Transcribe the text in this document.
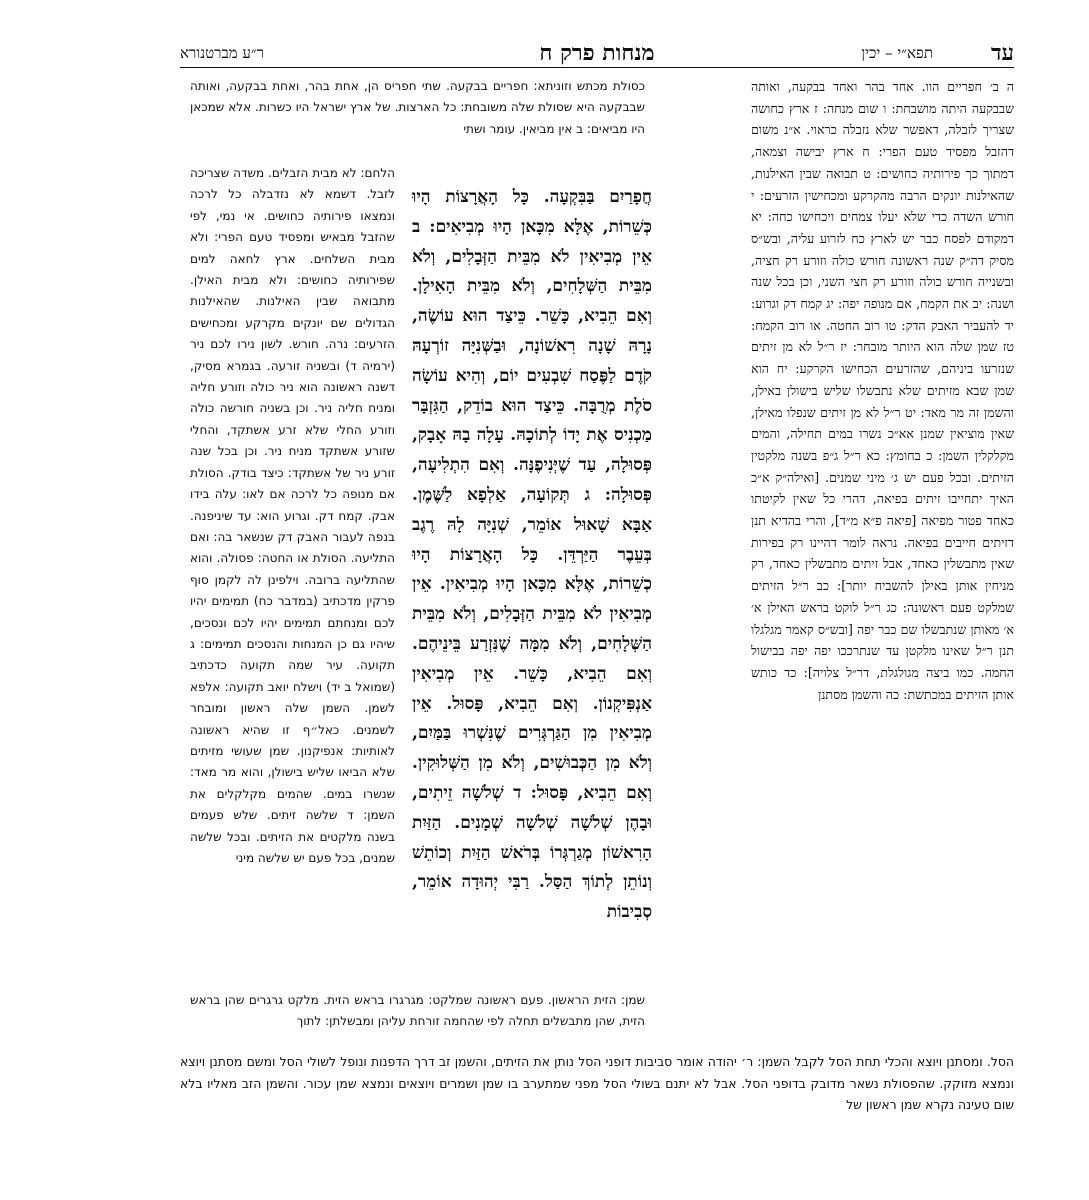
עד
תפא״י – יכין
מנחות פרק ח
ר״ע מברטנורא

ה ב׳ חפריים הוו. אחד בהר ואחד בבקעה, ואותה שבבקעה היתה מושבחת: ו שום מנחה: ז ארץ כחושה שצריך לזבלה, דאפשר שלא נזבלה כראוי. א״נ משום דהזבל מפסיד טעם הפרי: ח ארץ יבישה וצמאה, דמתוך כך פירותיה כחושים: ט תבואה שבין האילנות, שהאילנות יונקים הרבה מהקרקע ומכחישין הזרעים: י חורש השדה כדי שלא יעלו צמחים ויכחישו כחה: יא דמקודם לפסח כבר יש לארץ כח לזרוע עליה, ובש״ס מסיק דה״ק שנה ראשונה חורש כולה וזורע רק חציה, ובשנייה חורש כולה וזורע רק חצי השני, וכן בכל שנה ושנה: יב את הקמח, אם מנופה יפה: יג קמח דק וגרוע: יד להעביר האבק הדק: טו רוב החטה. או רוב הקמח: טז שמן שלה הוא היותר מובחר: יז ר״ל לא מן זיתים שנזרעו ביניהם, שהזרעים הכחישו הקרקע: יח הוא שמן שבא מזיתים שלא נתבשלו שליש בישולן באילן, והשמן זה מר מאד: יט ר״ל לא מן זיתים שנפלו מאילן, שאין מוציאין שמנן אא״כ נשרו במים תחילה, והמים מקלקלין השמן: כ בחומץ: כא ר״ל ג״פ בשנה מלקטין הזיתים. ובכל פעם יש ג׳ מיני שמנים. [ואילה״ק א״כ האיך יתחייבו זיתים בפיאה, דהרי כל שאין לקיטתו כאחד פטור מפיאה [פיאה פ״א מ״ד], והרי בהדיא תנן דזיתים חייבים בפיאה. נראה לומר דהיינו רק בפירות שאין מתבשלין כאחד, אבל זיתים מתבשלין כאחד, רק מניחין אותן באילן להשביח יותר]: כב ר״ל הזיתים שמלקט פעם ראשונה: כג ר״ל לוקט בראש האילן א׳ א׳ מאותן שנתבשלו שם כבר יפה [ובש״ס קאמר מגלגלו תנן ר״ל שאינו מלקטן עד שנתרככו יפה יפה בבישול החמה. כמו ביצה מגולגלת, דר״ל צלויה]: כד כותש אותן הזיתים במכתשת: כה והשמן מסתנן

כסולת מכתש וזוניתא: חפריים בבקעה. שתי חפריס הן, אחת בהר, ואחת בבקעה, ואותה שבבקעה היא שסולת שלה משובחת: כל הארצות. של ארץ ישראל היו כשרות. אלא שמכאן היו מביאים: ב אין מביאין. עומר ושתי

הלחם: לא מבית הזבלים. משדה שצריכה לזבל. דשמא לא נזדבלה כל לרכה ונמצאו פירותיה כחושים. אי נמי, לפי שהזבל מבאיש ומפסיד טעם הפרי: ולא מבית השלחים. ארץ לחאה למים שפירותיה כחושים: ולא מבית האילן. מתבואה שבין האילנות. שהאילנות הגדולים שם יונקים מקרקע ומכחישים הזרעים: נרה. חורש. לשון נירו לכם ניר (ירמיה ד) ובשניה זורעה. בגמרא מסיק, דשנה ראשונה הוא ניר כולה וזורע חליה ומניח חליה ניר. וכן בשניה חורשה כולה וזורע החלי שלא זרע אשתקד, והחלי שזורע אשתקד מניח ניר. וכן בכל שנה זורע ניר של אשתקד: כיצד בודק. הסולת אם מנופה כל לרכה אם לאו: עלה בידו אבק. קמח דק. וגרוע הוא: עד שיניפנה. בנפה לעבור האבק דק שנשאר בה: ואם התליעה. הסולת או החטה: פסולה. והוא שהתליעה ברובה. וילפינן לה לקמן סוף פרקין מדכתיב (במדבר כח) תמימים יהיו לכם ומנחתם תמימים יהיו לכם ונסכים, שיהיו גם כן המנחות והנסכים תמימים: ג תקועה. עיר שמה תקועה כדכתיב (שמואל ב יד) וישלח יואב תקועה: אלפא לשמן. השמן שלה ראשון ומובחר לשמנים. כאל״ף זו שהיא ראשונה לאותיות: אנפיקנון. שמן שעושי מזיתים שלא הביאו שליש בישולן, והוא מר מאד: שנשרו במים. שהמים מקלקלים את השמן: ד שלשה זיתים. שלש פעמים בשנה מלקטים את הזיתים. ובכל שלשה שמנים, בכל פעם יש שלשה מיני

חֲפָרַיִם בַּבִּקְעָה. כָּל הָאֲרָצוֹת הָיוּ כְּשֵׁרוֹת, אֶלָּא מִכָּאן הָיוּ מְבִיאִים: ב אֵין מְבִיאִין לֹא מִבֵּית הַזְּבָלִים, וְלֹא מִבֵּית הַשְּׁלָחִים, וְלֹא מִבֵּית הָאִילָן. וְאִם הֵבִיא, כָּשֵׁר. כֵּיצַד הוּא עוֹשֶׂה, נָרָהּ שָׁנָה רִאשׁוֹנָה, וּבַשְּׁנִיָּה זוֹרְעָהּ קֹדֶם לַפֶּסַח שִׁבְעִים יוֹם, וְהִיא עוֹשָׂה סֹלֶת מְרֻבָּה. כֵּיצַד הוּא בוֹדֵק, הַגִּזְבָּר מַכְנִיס אֶת יָדוֹ לְתוֹכָהּ. עָלָה בָהּ אָבָק, פְּסוּלָה, עַד שֶׁיְּנִיפֶנָּה. וְאִם הִתְלִיעָה, פְּסוּלָה: ג תְּקוֹעָה, אַלְפָא לַשֶּׁמֶן. אַבָּא שָׁאוּל אוֹמֵר, שְׁנִיָּה לָהּ רֶגֶב בְּעֵבֶר הַיַּרְדֵּן. כָּל הָאֲרָצוֹת הָיוּ כְשֵׁרוֹת, אֶלָּא מִכָּאן הָיוּ מְבִיאִין. אֵין מְבִיאִין לֹא מִבֵּית הַזְּבָלִים, וְלֹא מִבֵּית הַשְּׁלָחִים, וְלֹא מִמָּה שֶׁנִּזְרַע בֵּינֵיהֶם. וְאִם הֵבִיא, כָּשֵׁר. אֵין מְבִיאִין אַנְפִּיקְנוֹן. וְאִם הֵבִיא, פָּסוּל. אֵין מְבִיאִין מִן הַגַּרְגְּרִים שֶׁנִּשְׁרוּ בַּמַּיִם, וְלֹא מִן הַכְּבוּשִׁים, וְלֹא מִן הַשְּׁלוּקִין. וְאִם הֵבִיא, פָּסוּל: ד שְׁלֹשָׁה זֵיתִים, וּבָהֶן שְׁלֹשָׁה שְׁלֹשָׁה שְׁמָנִים. הַזַּיִת הָרִאשׁוֹן מְגַרְגְּרוֹ בְּרֹאשׁ הַזַּיִת וְכוֹתֵשׁ וְנוֹתֵן לְתוֹךְ הַסַּל. רַבִּי יְהוּדָה אוֹמֵר, סְבִיבוֹת

שמן: הזית הראשון. פעם ראשונה שמלקט: מגרגרו בראש הזית. מלקט גרגרים שהן בראש הזית, שהן מתבשלים תחלה לפי שהחמה זורחת עליהן ומבשלתן: לתוך

הסל. ומסתנן ויוצא והכלי תחת הסל לקבל השמן: ר׳ יהודה אומר סביבות דופני הסל נותן את הזיתים, והשמן זב דרך הדפנות ונופל לשולי הסל ומשם מסתנן ויוצא ונמצא מזוקק. שהפסולת נשאר מדובק בדופני הסל. אבל לא יתנם בשולי הסל מפני שמתערב בו שמן ושמרים ויוצאים ונמצא שמן עכור. והשמן הזב מאליו בלא שום טעינה נקרא שמן ראשון של
